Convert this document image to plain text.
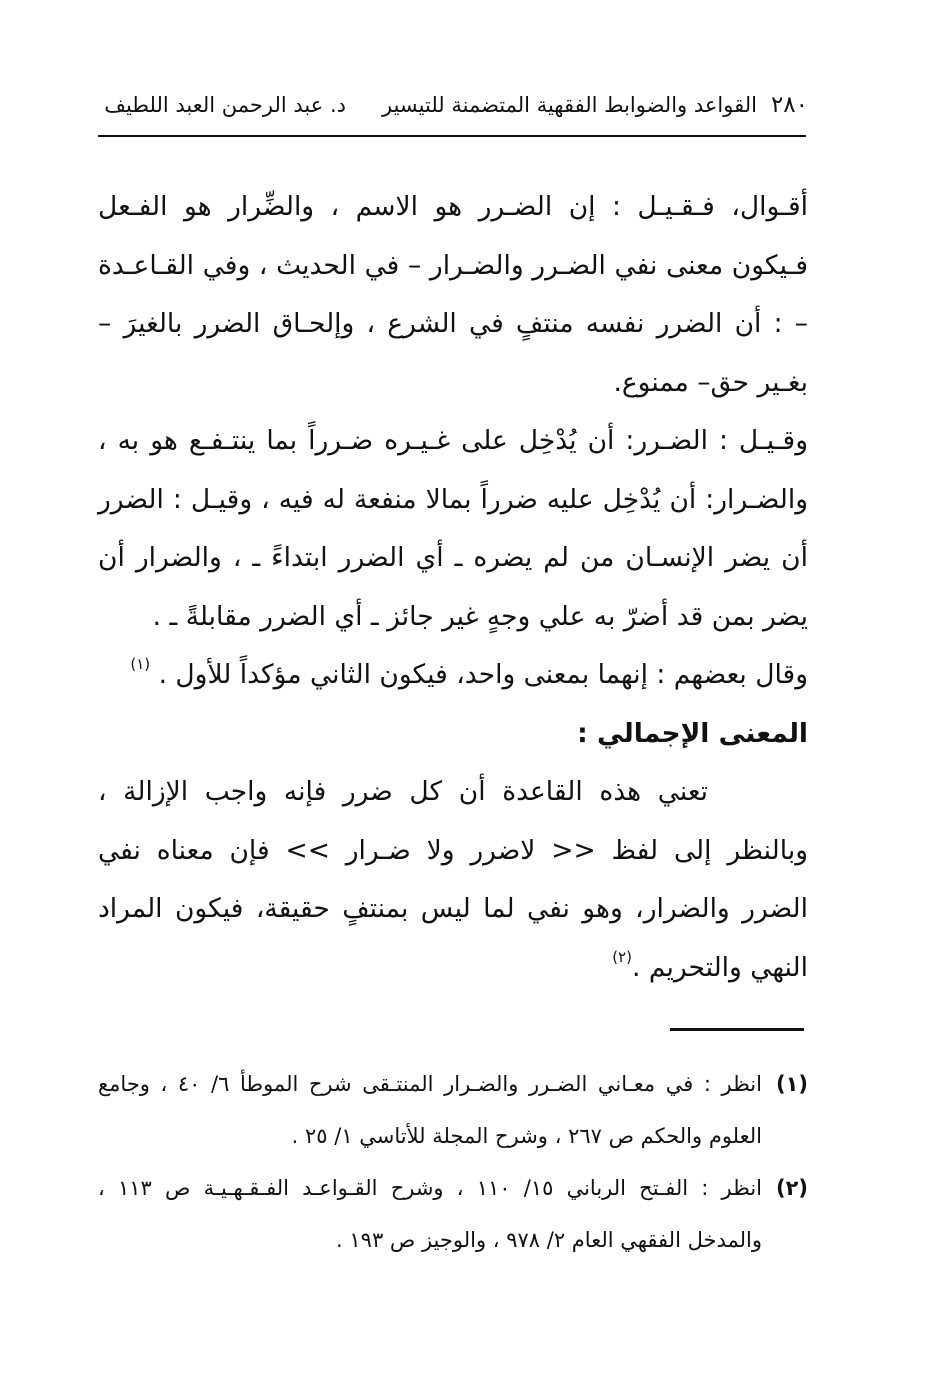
٢٨٠
القواعد والضوابط الفقهية المتضمنة للتيسير
د. عبد الرحمن العبد اللطيف

أقـوال، فـقـيـل : إن الضـرر هو الاسم ، والضِّرار هو الفـعل فـيكون معنى نفي الضـرر والضـرار – في الحديث ، وفي القـاعـدة – : أن الضرر نفسه منتفٍ في الشرع ، وإلحـاق الضرر بالغيرَ –بغـير حق– ممنوع.

وقـيـل : الضـرر: أن يُدْخِل على غـيـره ضـرراً بما ينتـفـع هو به ، والضـرار: أن يُدْخِل عليه ضرراً بمالا منفعة له فيه ، وقيـل : الضرر أن يضر الإنسـان من لم يضره ـ أي الضرر ابتداءً ـ ، والضرار أن يضر بمن قد أضرّ به علي وجهٍ غير جائز ـ أي الضرر مقابلةً ـ .

وقال بعضهم : إنهما بمعنى واحد، فيكون الثاني مؤكداً للأول . $^{(١)}$

المعنى الإجمالي :

تعني هذه القاعدة أن كل ضرر فإنه واجب الإزالة ، وبالنظر إلى لفظ << لاضرر ولا ضـرار >> فإن معناه نفي الضرر والضرار، وهو نفي لما ليس بمنتفٍ حقيقة، فيكون المراد النهي والتحريم .$^{(٢)}$

(١)
انظر : في معـاني الضـرر والضـرار المنتـقى شرح الموطأ ٦/ ٤٠ ، وجامع العلوم والحكم ص ٢٦٧ ، وشرح المجلة للأتاسي ١/ ٢٥ .
(٢)
انظر : الفـتح الرباني ١٥/ ١١٠ ، وشرح القـواعـد الفـقـهـيـة ص ١١٣ ، والمدخل الفقهي العام ٢/ ٩٧٨ ، والوجيز ص ١٩٣ .
